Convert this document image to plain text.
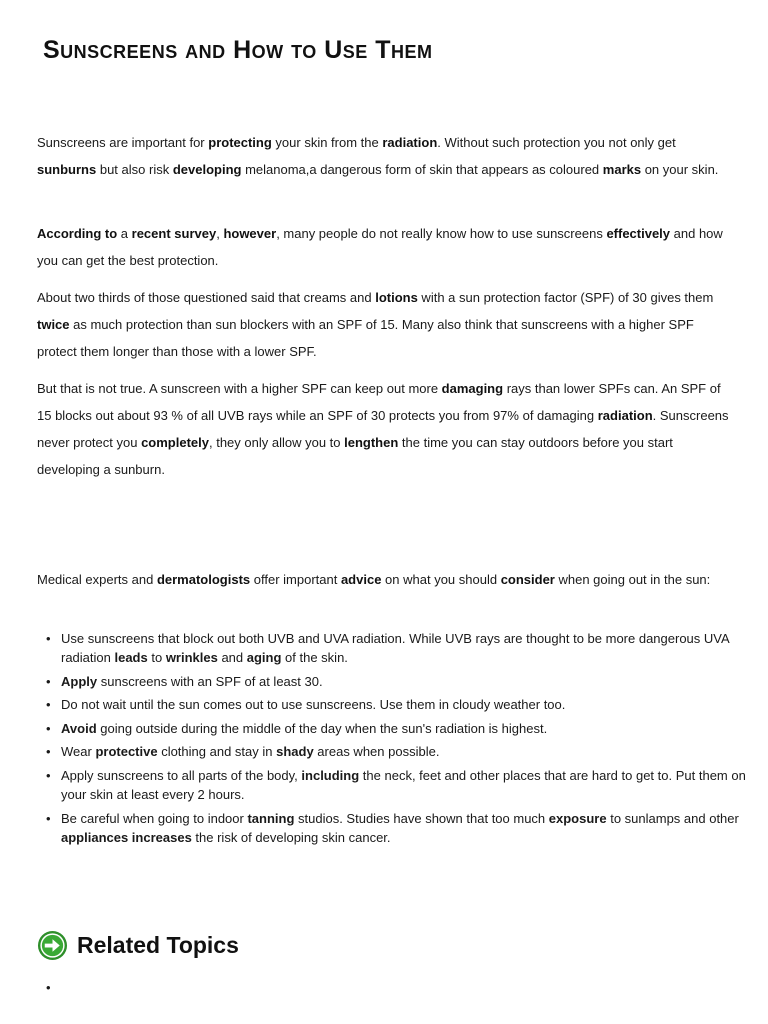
Sunscreens and How to Use Them

Sunscreens are important for protecting your skin from the radiation. Without such protection you not only get sunburns but also risk developing melanoma,a dangerous form of skin that appears as coloured marks on your skin.

According to a recent survey, however, many people do not really know how to use sunscreens effectively and how you can get the best protection.

About two thirds of those questioned said that creams and lotions with a sun protection factor (SPF) of 30 gives them twice as much protection than sun blockers with an SPF of 15. Many also think that sunscreens with a higher SPF protect them longer than those with a lower SPF.

But that is not true. A sunscreen with a higher SPF can keep out more damaging rays than lower SPFs can. An SPF of 15 blocks out about 93 % of all UVB rays while an SPF of 30 protects you from 97% of damaging radiation. Sunscreens never protect you completely, they only allow you to lengthen the time you can stay outdoors before you start developing a sunburn.

Medical experts and dermatologists offer important advice on what you should consider when going out in the sun:

• Use sunscreens that block out both UVB and UVA radiation. While UVB rays are thought to be more dangerous UVA radiation leads to wrinkles and aging of the skin.
• Apply sunscreens with an SPF of at least 30.
• Do not wait until the sun comes out to use sunscreens. Use them in cloudy weather too.
• Avoid going outside during the middle of the day when the sun's radiation is highest.
• Wear protective clothing and stay in shady areas when possible.
• Apply sunscreens to all parts of the body, including the neck, feet and other places that are hard to get to. Put them on your skin at least every 2 hours.
• Be careful when going to indoor tanning studios. Studies have shown that too much exposure to sunlamps and other appliances increases the risk of developing skin cancer.
Related Topics
